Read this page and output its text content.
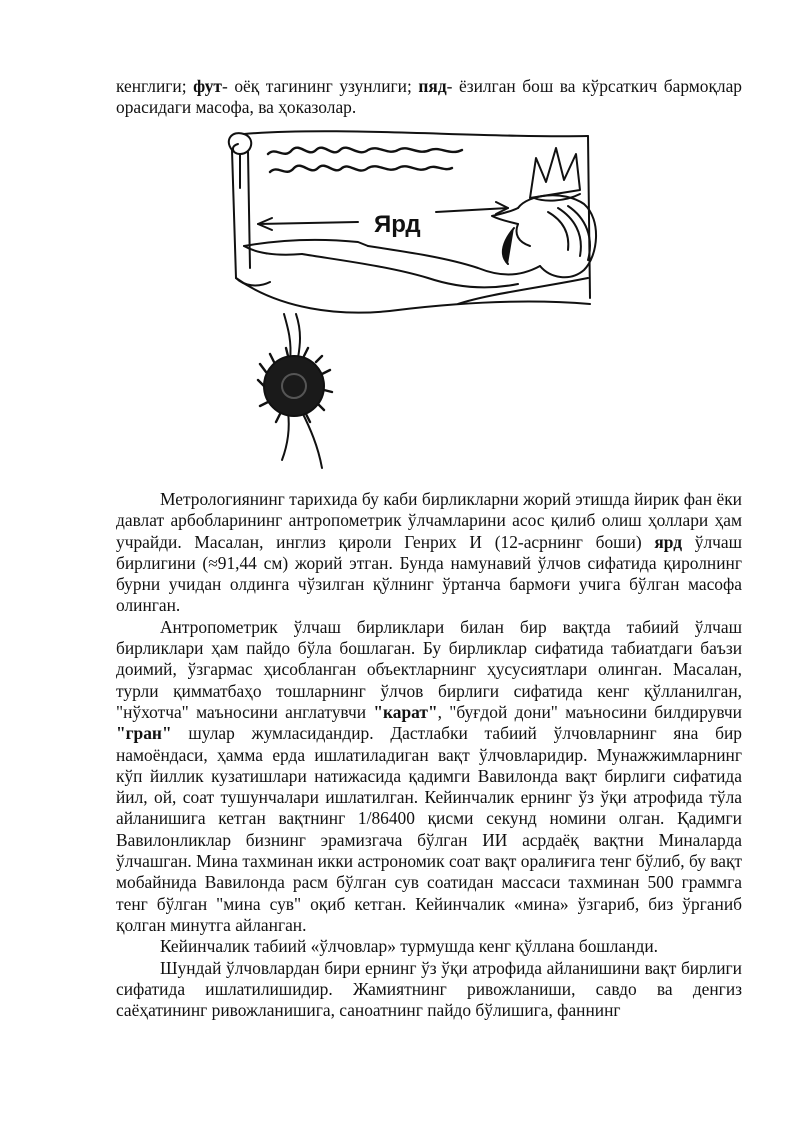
кенглиги; фут- оёқ тагининг узунлиги; пяд- ёзилган бош ва кўрсаткич бармоқлар орасидаги масофа, ва ҳоказолар.

Ярд

Метрологиянинг тарихида бу каби бирликларни жорий этишда йирик фан ёки давлат арбобларининг антропометрик ўлчамларини асос қилиб олиш ҳоллари ҳам учрайди. Масалан, инглиз қироли Генрих И (12-асрнинг боши) ярд ўлчаш бирлигини (≈91,44 см) жорий этган. Бунда намунавий ўлчов сифатида қиролнинг бурни учидан олдинга чўзилган қўлнинг ўртанча бармоғи учига бўлган масофа олинган.

Антропометрик ўлчаш бирликлари билан бир вақтда табиий ўлчаш бирликлари ҳам пайдо бўла бошлаган. Бу бирликлар сифатида табиатдаги баъзи доимий, ўзгармас ҳисобланган объектларнинг ҳусусиятлари олинган. Масалан, турли қимматбаҳо тошларнинг ўлчов бирлиги сифатида кенг қўлланилган, "нўхотча" маъносини англатувчи "карат", "буғдой дони" маъносини билдирувчи "гран" шулар жумласидандир. Дастлабки табиий ўлчовларнинг яна бир намоёндаси, ҳамма ерда ишлатиладиган вақт ўлчовларидир. Мунажжимларнинг кўп йиллик кузатишлари натижасида қадимги Вавилонда вақт бирлиги сифатида йил, ой, соат тушунчалари ишлатилган. Кейинчалик ернинг ўз ўқи атрофида тўла айланишига кетган вақтнинг 1/86400 қисми секунд номини олган. Қадимги Вавилонликлар бизнинг эрамизгача бўлган ИИ асрдаёқ вақтни Миналарда ўлчашган. Мина тахминан икки астрономик соат вақт оралиғига тенг бўлиб, бу вақт мобайнида Вавилонда расм бўлган сув соатидан массаси тахминан 500 граммга тенг бўлган "мина сув" оқиб кетган. Кейинчалик «мина» ўзгариб, биз ўрганиб қолган минутга айланган.

Кейинчалик табиий «ўлчовлар» турмушда кенг қўллана бошланди.

Шундай ўлчовлардан бири ернинг ўз ўқи атрофида айланишини вақт бирлиги сифатида ишлатилишидир. Жамиятнинг ривожланиши, савдо ва денгиз саёҳатининг ривожланишига, саноатнинг пайдо бўлишига, фаннинг
